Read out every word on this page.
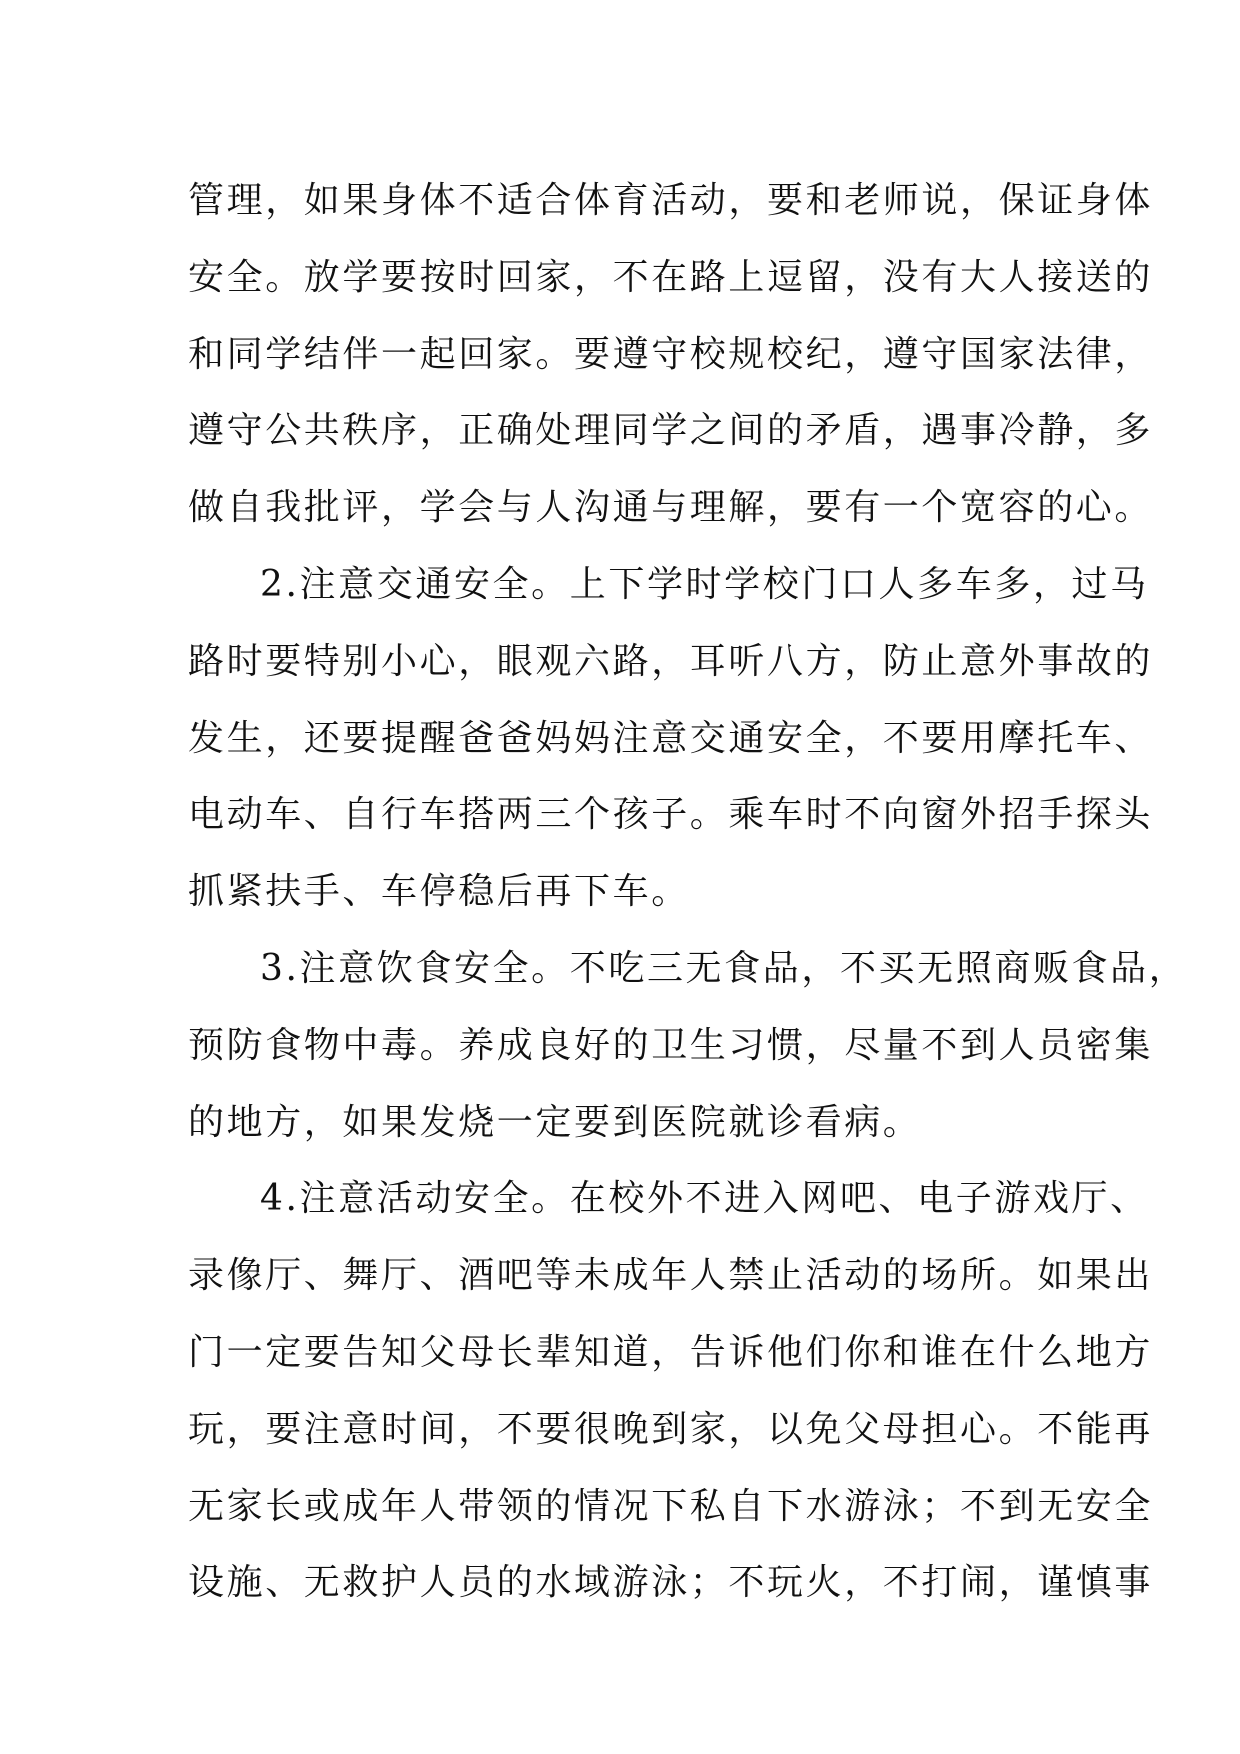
管理，如果身体不适合体育活动，要和老师说，保证身体
安全。放学要按时回家，不在路上逗留，没有大人接送的
和同学结伴一起回家。要遵守校规校纪，遵守国家法律，
遵守公共秩序，正确处理同学之间的矛盾，遇事冷静，多
做自我批评，学会与人沟通与理解，要有一个宽容的心。
2.注意交通安全。上下学时学校门口人多车多，过马
路时要特别小心，眼观六路，耳听八方，防止意外事故的
发生，还要提醒爸爸妈妈注意交通安全，不要用摩托车、
电动车、自行车搭两三个孩子。乘车时不向窗外招手探头
抓紧扶手、车停稳后再下车。
3.注意饮食安全。不吃三无食品，不买无照商贩食品，
预防食物中毒。养成良好的卫生习惯，尽量不到人员密集
的地方，如果发烧一定要到医院就诊看病。
4.注意活动安全。在校外不进入网吧、电子游戏厅、
录像厅、舞厅、酒吧等未成年人禁止活动的场所。如果出
门一定要告知父母长辈知道，告诉他们你和谁在什么地方
玩，要注意时间，不要很晚到家，以免父母担心。不能再
无家长或成年人带领的情况下私自下水游泳；不到无安全
设施、无救护人员的水域游泳；不玩火，不打闹，谨慎事
